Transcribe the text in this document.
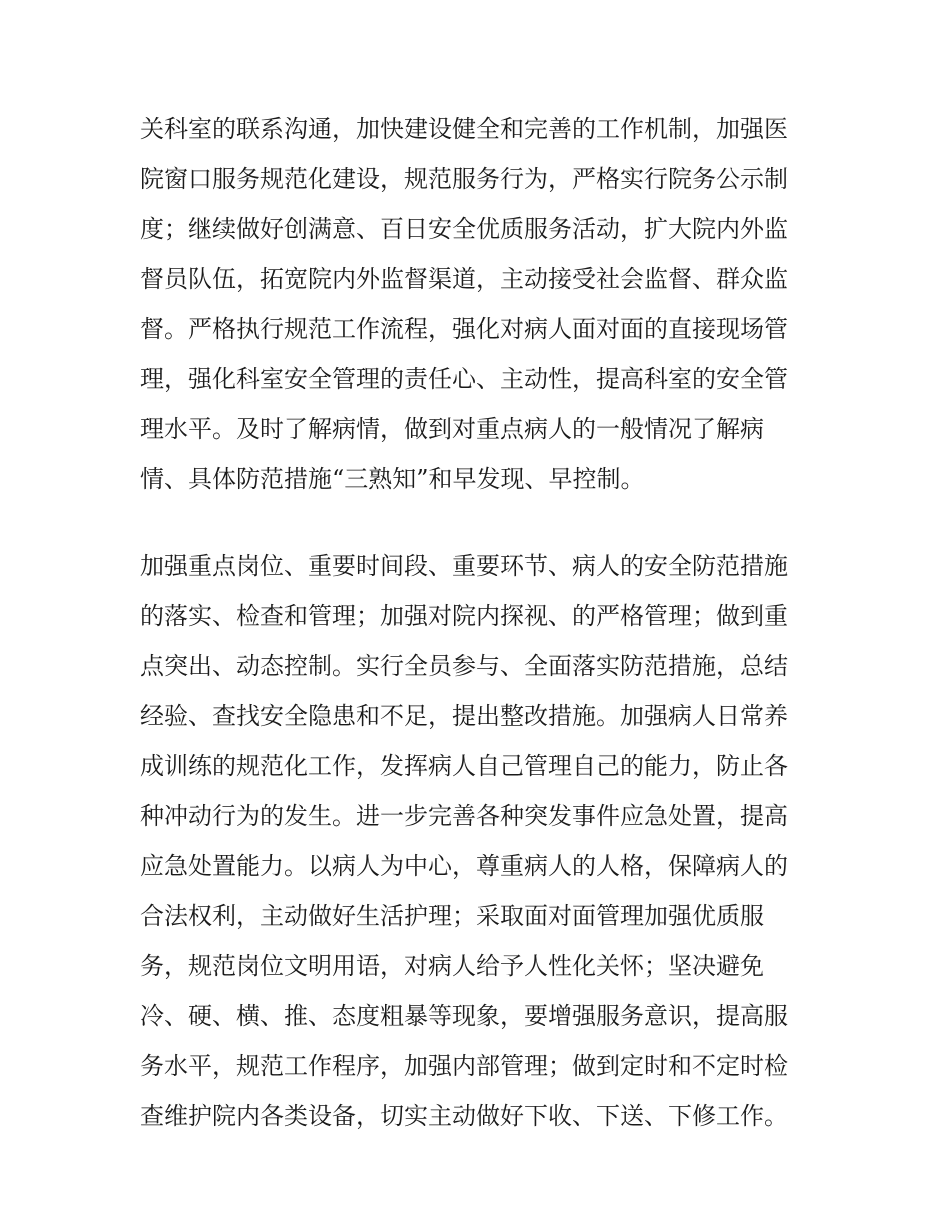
关科室的联系沟通，加快建设健全和完善的工作机制，加强医
院窗口服务规范化建设，规范服务行为，严格实行院务公示制
度；继续做好创满意、百日安全优质服务活动，扩大院内外监
督员队伍，拓宽院内外监督渠道，主动接受社会监督、群众监
督。严格执行规范工作流程，强化对病人面对面的直接现场管
理，强化科室安全管理的责任心、主动性，提高科室的安全管
理水平。及时了解病情，做到对重点病人的一般情况了解病
情、具体防范措施“三熟知”和早发现、早控制。
加强重点岗位、重要时间段、重要环节、病人的安全防范措施
的落实、检查和管理；加强对院内探视、的严格管理；做到重
点突出、动态控制。实行全员参与、全面落实防范措施，总结
经验、查找安全隐患和不足，提出整改措施。加强病人日常养
成训练的规范化工作，发挥病人自己管理自己的能力，防止各
种冲动行为的发生。进一步完善各种突发事件应急处置，提高
应急处置能力。以病人为中心，尊重病人的人格，保障病人的
合法权利，主动做好生活护理；采取面对面管理加强优质服
务，规范岗位文明用语，对病人给予人性化关怀；坚决避免
冷、硬、横、推、态度粗暴等现象，要增强服务意识，提高服
务水平，规范工作程序，加强内部管理；做到定时和不定时检
查维护院内各类设备，切实主动做好下收、下送、下修工作。
